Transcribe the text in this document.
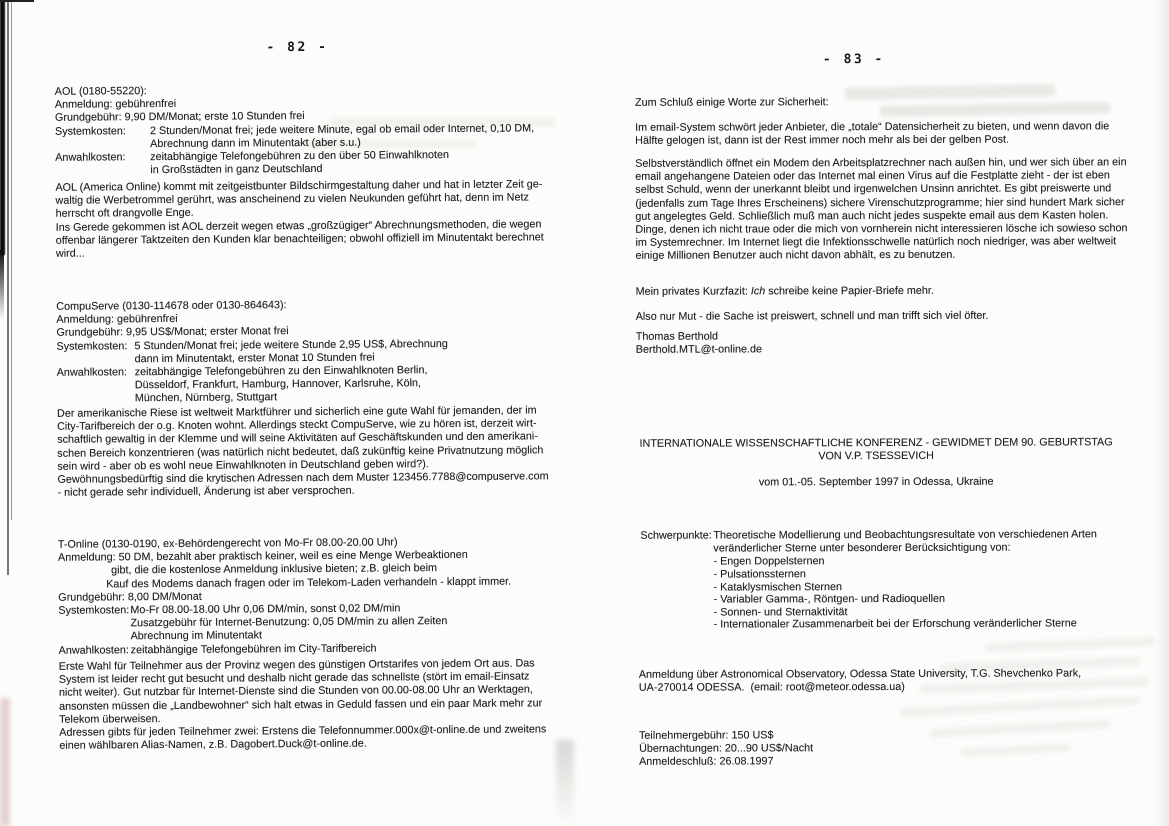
- 82 -
AOL (0180-55220):
Anmeldung: gebührenfrei
Grundgebühr: 9,90 DM/Monat; erste 10 Stunden frei
Systemkosten: 2 Stunden/Monat frei; jede weitere Minute, egal ob email oder Internet, 0,10 DM,
Abrechnung dann im Minutentakt (aber s.u.)
Anwahlkosten: zeitabhängige Telefongebühren zu den über 50 Einwahlknoten
in Großstädten in ganz Deutschland
AOL (America Online) kommt mit zeitgeistbunter Bildschirmgestaltung daher und hat in letzter Zeit ge-
waltig die Werbetrommel gerührt, was anscheinend zu vielen Neukunden geführt hat, denn im Netz
herrscht oft drangvolle Enge.
Ins Gerede gekommen ist AOL derzeit wegen etwas „großzügiger“ Abrechnungsmethoden, die wegen
offenbar längerer Taktzeiten den Kunden klar benachteiligen; obwohl offiziell im Minutentakt berechnet
wird...
CompuServe (0130-114678 oder 0130-864643):
Anmeldung: gebührenfrei
Grundgebühr: 9,95 US$/Monat; erster Monat frei
Systemkosten: 5 Stunden/Monat frei; jede weitere Stunde 2,95 US$, Abrechnung
dann im Minutentakt, erster Monat 10 Stunden frei
Anwahlkosten: zeitabhängige Telefongebühren zu den Einwahlknoten Berlin,
Düsseldorf, Frankfurt, Hamburg, Hannover, Karlsruhe, Köln,
München, Nürnberg, Stuttgart
Der amerikanische Riese ist weltweit Marktführer und sicherlich eine gute Wahl für jemanden, der im
City-Tarifbereich der o.g. Knoten wohnt. Allerdings steckt CompuServe, wie zu hören ist, derzeit wirt-
schaftlich gewaltig in der Klemme und will seine Aktivitäten auf Geschäftskunden und den amerikani-
schen Bereich konzentrieren (was natürlich nicht bedeutet, daß zukünftig keine Privatnutzung möglich
sein wird - aber ob es wohl neue Einwahlknoten in Deutschland geben wird?).
Gewöhnungsbedürftig sind die krytischen Adressen nach dem Muster 123456.7788@compuserve.com
- nicht gerade sehr individuell, Änderung ist aber versprochen.
T-Online (0130-0190, ex-Behördengerecht von Mo-Fr 08.00-20.00 Uhr)
Anmeldung: 50 DM, bezahlt aber praktisch keiner, weil es eine Menge Werbeaktionen
gibt, die die kostenlose Anmeldung inklusive bieten; z.B. gleich beim
Kauf des Modems danach fragen oder im Telekom-Laden verhandeln - klappt immer.
Grundgebühr: 8,00 DM/Monat
Systemkosten:Mo-Fr 08.00-18.00 Uhr 0,06 DM/min, sonst 0,02 DM/min
Zusatzgebühr für Internet-Benutzung: 0,05 DM/min zu allen Zeiten
Abrechnung im Minutentakt
Anwahlkosten: zeitabhängige Telefongebühren im City-Tarifbereich
Erste Wahl für Teilnehmer aus der Provinz wegen des günstigen Ortstarifes von jedem Ort aus. Das
System ist leider recht gut besucht und deshalb nicht gerade das schnellste (stört im email-Einsatz
nicht weiter). Gut nutzbar für Internet-Dienste sind die Stunden von 00.00-08.00 Uhr an Werktagen,
ansonsten müssen die „Landbewohner“ sich halt etwas in Geduld fassen und ein paar Mark mehr zur
Telekom überweisen.
Adressen gibts für jeden Teilnehmer zwei: Erstens die Telefonnummer.000x@t-online.de und zweitens
einen wählbaren Alias-Namen, z.B. Dagobert.Duck@t-online.de.
- 83 -
Zum Schluß einige Worte zur Sicherheit:
Im email-System schwört jeder Anbieter, die „totale“ Datensicherheit zu bieten, und wenn davon die
Hälfte gelogen ist, dann ist der Rest immer noch mehr als bei der gelben Post.
Selbstverständlich öffnet ein Modem den Arbeitsplatzrechner nach außen hin, und wer sich über an ein
email angehangene Dateien oder das Internet mal einen Virus auf die Festplatte zieht - der ist eben
selbst Schuld, wenn der unerkannt bleibt und irgenwelchen Unsinn anrichtet. Es gibt preiswerte und
(jedenfalls zum Tage Ihres Erscheinens) sichere Virenschutzprogramme; hier sind hundert Mark sicher
gut angelegtes Geld. Schließlich muß man auch nicht jedes suspekte email aus dem Kasten holen.
Dinge, denen ich nicht traue oder die mich von vornherein nicht interessieren lösche ich sowieso schon
im Systemrechner. Im Internet liegt die Infektionsschwelle natürlich noch niedriger, was aber weltweit
einige Millionen Benutzer auch nicht davon abhält, es zu benutzen.
Mein privates Kurzfazit: Ich schreibe keine Papier-Briefe mehr.
Also nur Mut - die Sache ist preiswert, schnell und man trifft sich viel öfter.
Thomas Berthold
Berthold.MTL@t-online.de
INTERNATIONALE WISSENSCHAFTLICHE KONFERENZ - GEWIDMET DEM 90. GEBURTSTAG
VON V.P. TSESSEVICH
vom 01.-05. September 1997 in Odessa, Ukraine
Schwerpunkte: Theoretische Modellierung und Beobachtungsresultate von verschiedenen Arten
veränderlicher Sterne unter besonderer Berücksichtigung von:
- Engen Doppelsternen
- Pulsationssternen
- Kataklysmischen Sternen
- Variabler Gamma-, Röntgen- und Radioquellen
- Sonnen- und Sternaktivität
- Internationaler Zusammenarbeit bei der Erforschung veränderlicher Sterne
Anmeldung über Astronomical Observatory, Odessa State University, T.G. Shevchenko Park,
UA-270014 ODESSA.  (email: root@meteor.odessa.ua)
Teilnehmergebühr: 150 US$
Übernachtungen: 20...90 US$/Nacht
Anmeldeschluß: 26.08.1997
